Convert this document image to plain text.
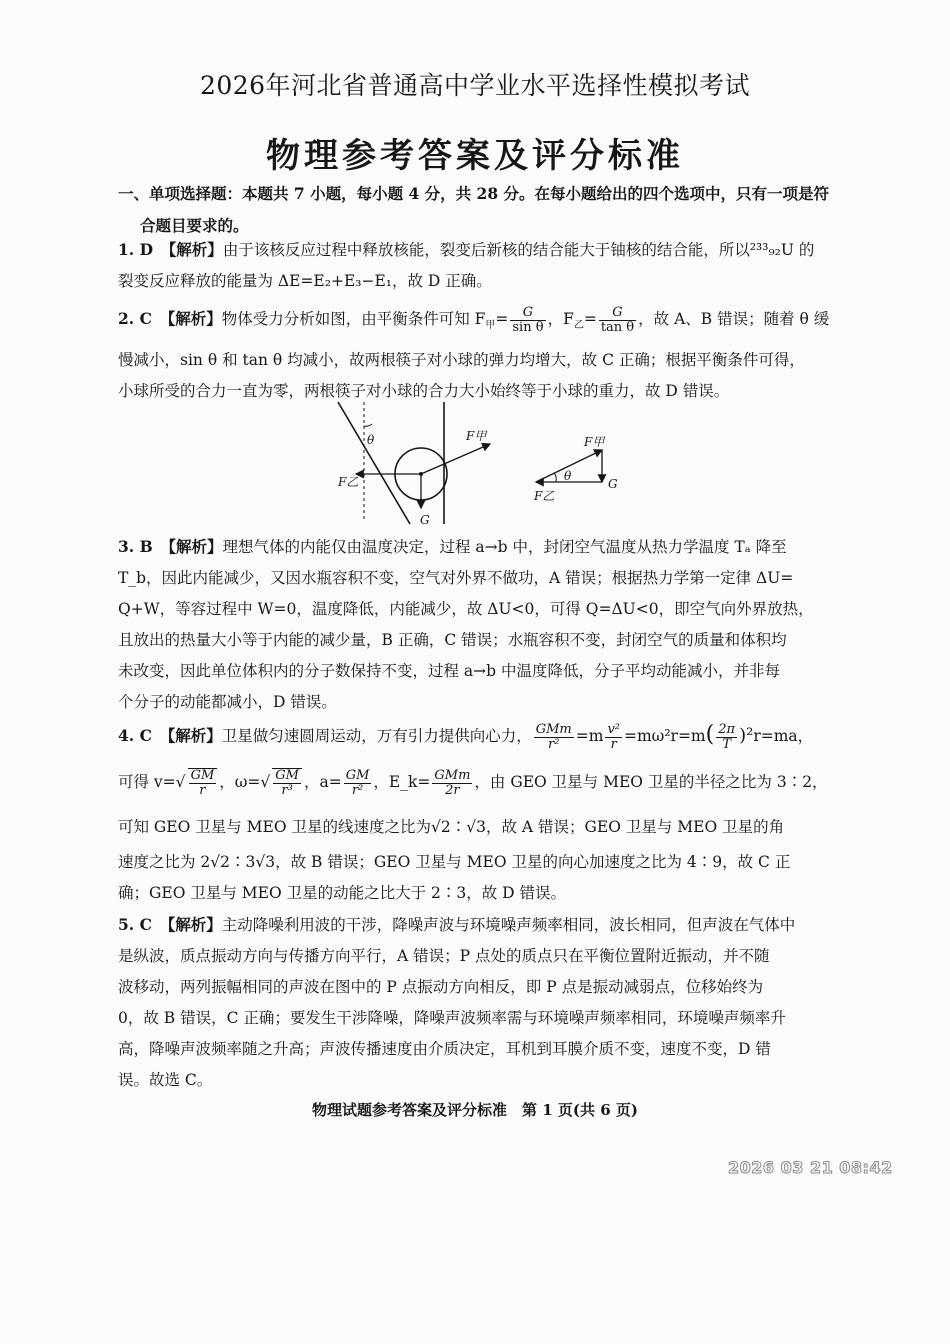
2026年河北省普通高中学业水平选择性模拟考试
物理参考答案及评分标准
一、单项选择题：本题共 7 小题，每小题 4 分，共 28 分。在每小题给出的四个选项中，只有一项是符
合题目要求的。
1. D　 【解析】由于该核反应过程中释放核能，裂变后新核的结合能大于铀核的结合能，所以²³³₉₂U 的
裂变反应释放的能量为 ΔE=E₂+E₃−E₁，故 D 正确。
2. C　 【解析】物体受力分析如图，由平衡条件可知 $F_甲= \frac{G}{\text{sin θ}}$ ，$F_乙= \frac{G}{\text{tan θ}}$ ，故 A、B 错误；随着 θ 缓
慢减小，sin θ 和 tan θ 均减小，故两根筷子对小球的弹力均增大，故 C 正确；根据平衡条件可得，
小球所受的合力一直为零，两根筷子对小球的合力大小始终等于小球的重力，故 D 错误。
θ
F乙
F甲
G
θ
F甲
G
F乙
3. B　 【解析】理想气体的内能仅由温度决定，过程 a→b 中，封闭空气温度从热力学温度 Tₐ 降至
T_b，因此内能减少，又因水瓶容积不变，空气对外界不做功，A 错误；根据热力学第一定律 ΔU=
Q+W，等容过程中 W=0，温度降低，内能减少，故 ΔU<0，可得 Q=ΔU<0，即空气向外界放热，
且放出的热量大小等于内能的减少量，B 正确，C 错误；水瓶容积不变，封闭空气的质量和体积均
未改变，因此单位体积内的分子数保持不变，过程 a→b 中温度降低，分子平均动能减小，并非每
个分子的动能都减小，D 错误。
4. C　 【解析】卫星做匀速圆周运动，万有引力提供向心力， $\frac{\text{GMm}}{\text{r²}} =m \frac{\text{v²}}{r} =m\omega^2r=m( \frac{2\pi}{T} )^2r=ma$，
可得 $v=√ \frac{GM}{r}$ ，$\omega=√ \frac{GM}{\text{r³}}$ ，$a= \frac{GM}{\text{r²}}$ ，E_k= $\frac{\text{GMm}}{2r}$ ，由 GEO 卫星与 MEO 卫星的半径之比为 3∶2，
可知 GEO 卫星与 MEO 卫星的线速度之比为√2∶√3，故 A 错误；GEO 卫星与 MEO 卫星的角
速度之比为 2√2∶3√3，故 B 错误；GEO 卫星与 MEO 卫星的向心加速度之比为 4∶9，故 C 正
确；GEO 卫星与 MEO 卫星的动能之比大于 2∶3，故 D 错误。
5. C　 【解析】主动降噪利用波的干涉，降噪声波与环境噪声频率相同，波长相同，但声波在气体中
是纵波，质点振动方向与传播方向平行，A 错误；P 点处的质点只在平衡位置附近振动，并不随
波移动，两列振幅相同的声波在图中的 P 点振动方向相反，即 P 点是振动减弱点，位移始终为
0，故 B 错误，C 正确；要发生干涉降噪，降噪声波频率需与环境噪声频率相同，环境噪声频率升
高，降噪声波频率随之升高；声波传播速度由介质决定，耳机到耳膜介质不变，速度不变，D 错
误。故选 C。
物理试题参考答案及评分标准　第 1 页(共 6 页)
2026 03 21 08:42
